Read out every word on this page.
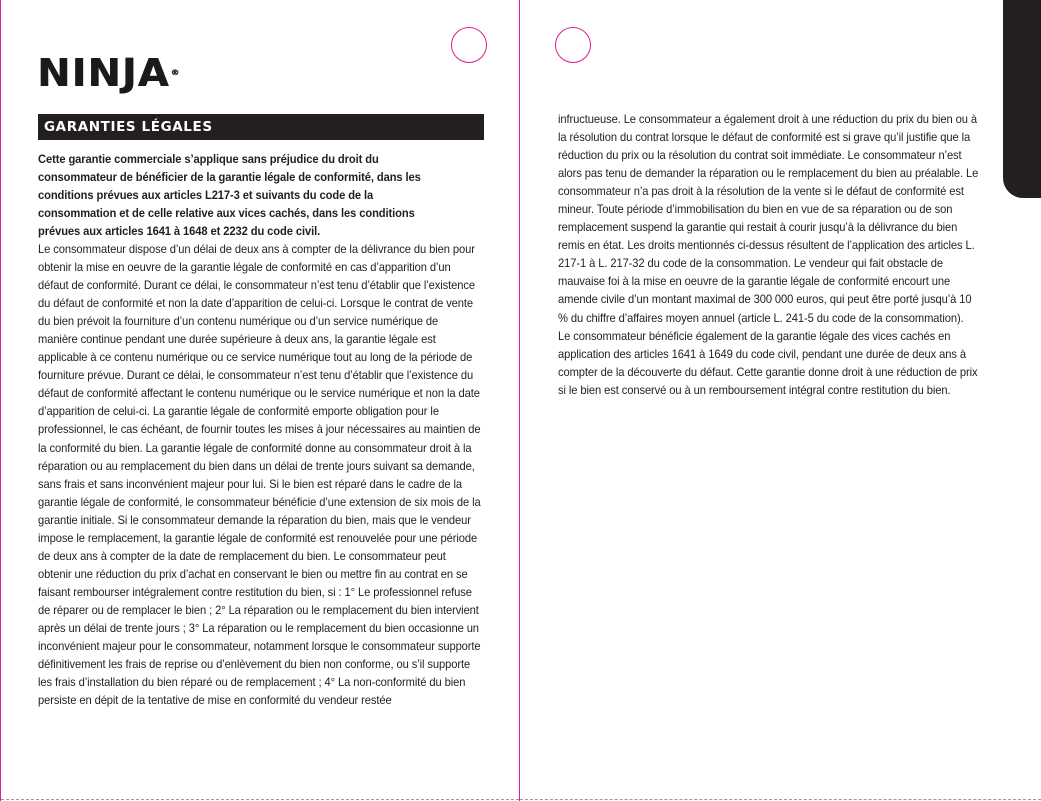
NINJA®
GARANTIES LÉGALES
Cette garantie commerciale s’applique sans préjudice du droit du consommateur de bénéficier de la garantie légale de conformité, dans les conditions prévues aux articles L217-3 et suivants du code de la consommation et de celle relative aux vices cachés, dans les conditions prévues aux articles 1641 à 1648 et 2232 du code civil.
Le consommateur dispose d’un délai de deux ans à compter de la délivrance du bien pour obtenir la mise en oeuvre de la garantie légale de conformité en cas d’apparition d’un défaut de conformité. Durant ce délai, le consommateur n’est tenu d’établir que l’existence du défaut de conformité et non la date d’apparition de celui-ci. Lorsque le contrat de vente du bien prévoit la fourniture d’un contenu numérique ou d’un service numérique de manière continue pendant une durée supérieure à deux ans, la garantie légale est applicable à ce contenu numérique ou ce service numérique tout au long de la période de fourniture prévue. Durant ce délai, le consommateur n’est tenu d’établir que l’existence du défaut de conformité affectant le contenu numérique ou le service numérique et non la date d’apparition de celui-ci. La garantie légale de conformité emporte obligation pour le professionnel, le cas échéant, de fournir toutes les mises à jour nécessaires au maintien de la conformité du bien. La garantie légale de conformité donne au consommateur droit à la réparation ou au remplacement du bien dans un délai de trente jours suivant sa demande, sans frais et sans inconvénient majeur pour lui. Si le bien est réparé dans le cadre de la garantie légale de conformité, le consommateur bénéficie d’une extension de six mois de la garantie initiale. Si le consommateur demande la réparation du bien, mais que le vendeur impose le remplacement, la garantie légale de conformité est renouvelée pour une période de deux ans à compter de la date de remplacement du bien. Le consommateur peut obtenir une réduction du prix d’achat en conservant le bien ou mettre fin au contrat en se faisant rembourser intégralement contre restitution du bien, si : 1° Le professionnel refuse de réparer ou de remplacer le bien ; 2° La réparation ou le remplacement du bien intervient après un délai de trente jours ; 3° La réparation ou le remplacement du bien occasionne un inconvénient majeur pour le consommateur, notamment lorsque le consommateur supporte définitivement les frais de reprise ou d’enlèvement du bien non conforme, ou s’il supporte les frais d’installation du bien réparé ou de remplacement ; 4° La non-conformité du bien persiste en dépit de la tentative de mise en conformité du vendeur restée
infructueuse. Le consommateur a également droit à une réduction du prix du bien ou à la résolution du contrat lorsque le défaut de conformité est si grave qu’il justifie que la réduction du prix ou la résolution du contrat soit immédiate. Le consommateur n’est alors pas tenu de demander la réparation ou le remplacement du bien au préalable. Le consommateur n’a pas droit à la résolution de la vente si le défaut de conformité est mineur. Toute période d’immobilisation du bien en vue de sa réparation ou de son remplacement suspend la garantie qui restait à courir jusqu’à la délivrance du bien remis en état. Les droits mentionnés ci-dessus résultent de l’application des articles L. 217-1 à L. 217-32 du code de la consommation. Le vendeur qui fait obstacle de mauvaise foi à la mise en oeuvre de la garantie légale de conformité encourt une amende civile d’un montant maximal de 300 000 euros, qui peut être porté jusqu’à 10 % du chiffre d’affaires moyen annuel (article L. 241-5 du code de la consommation). Le consommateur bénéficie également de la garantie légale des vices cachés en application des articles 1641 à 1649 du code civil, pendant une durée de deux ans à compter de la découverte du défaut. Cette garantie donne droit à une réduction de prix si le bien est conservé ou à un remboursement intégral contre restitution du bien.
